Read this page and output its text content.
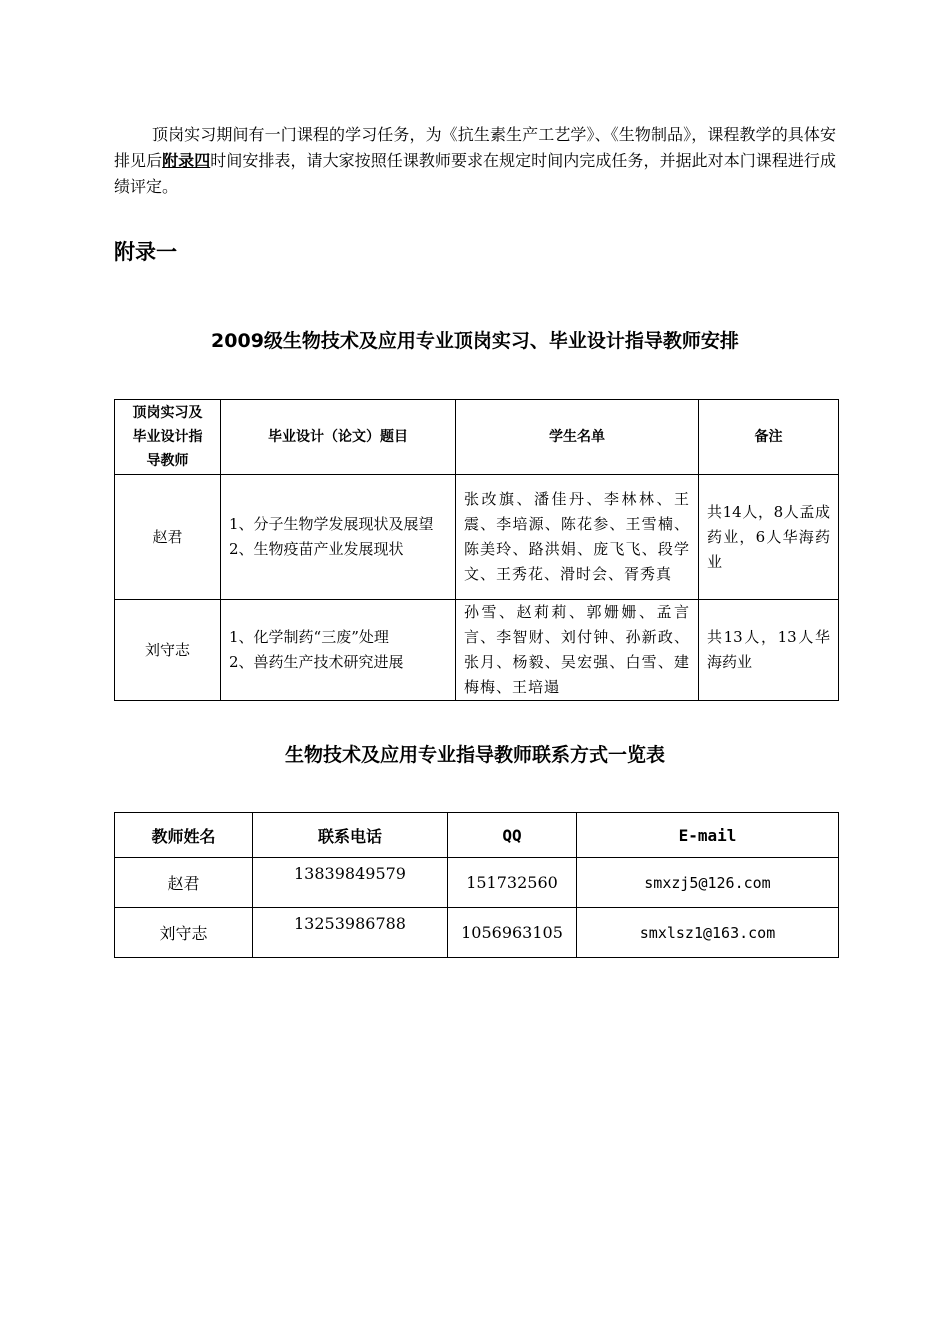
顶岗实习期间有一门课程的学习任务，为《抗生素生产工艺学》、《生物制品》，课程教学的具体安排见后附录四时间安排表，请大家按照任课教师要求在规定时间内完成任务，并据此对本门课程进行成绩评定。

附录一
2009级生物技术及应用专业顶岗实习、毕业设计指导教师安排
顶岗实习及
毕业设计指
导教师	毕业设计（论文）题目	学生名单	备注
赵君	1、分子生物学发展现状及展望
2、生物疫苗产业发展现状	张改旗、潘佳丹、李林林、王震、李培源、陈花参、王雪楠、陈美玲、路洪娟、庞飞飞、段学文、王秀花、滑时会、胥秀真	共14人，8人孟成药业，6人华海药业
刘守志	1、化学制药“三废”处理
2、兽药生产技术研究进展	孙雪、赵莉莉、郭姗姗、孟言言、李智财、刘付钟、孙新政、张月、杨毅、吴宏强、白雪、建梅梅、王培遢	共13人，13人华海药业
生物技术及应用专业指导教师联系方式一览表
教师姓名	联系电话	QQ	E-mail
赵君	13839849579	151732560	smxzj5@126.com
刘守志	13253986788	1056963105	smxlsz1@163.com
